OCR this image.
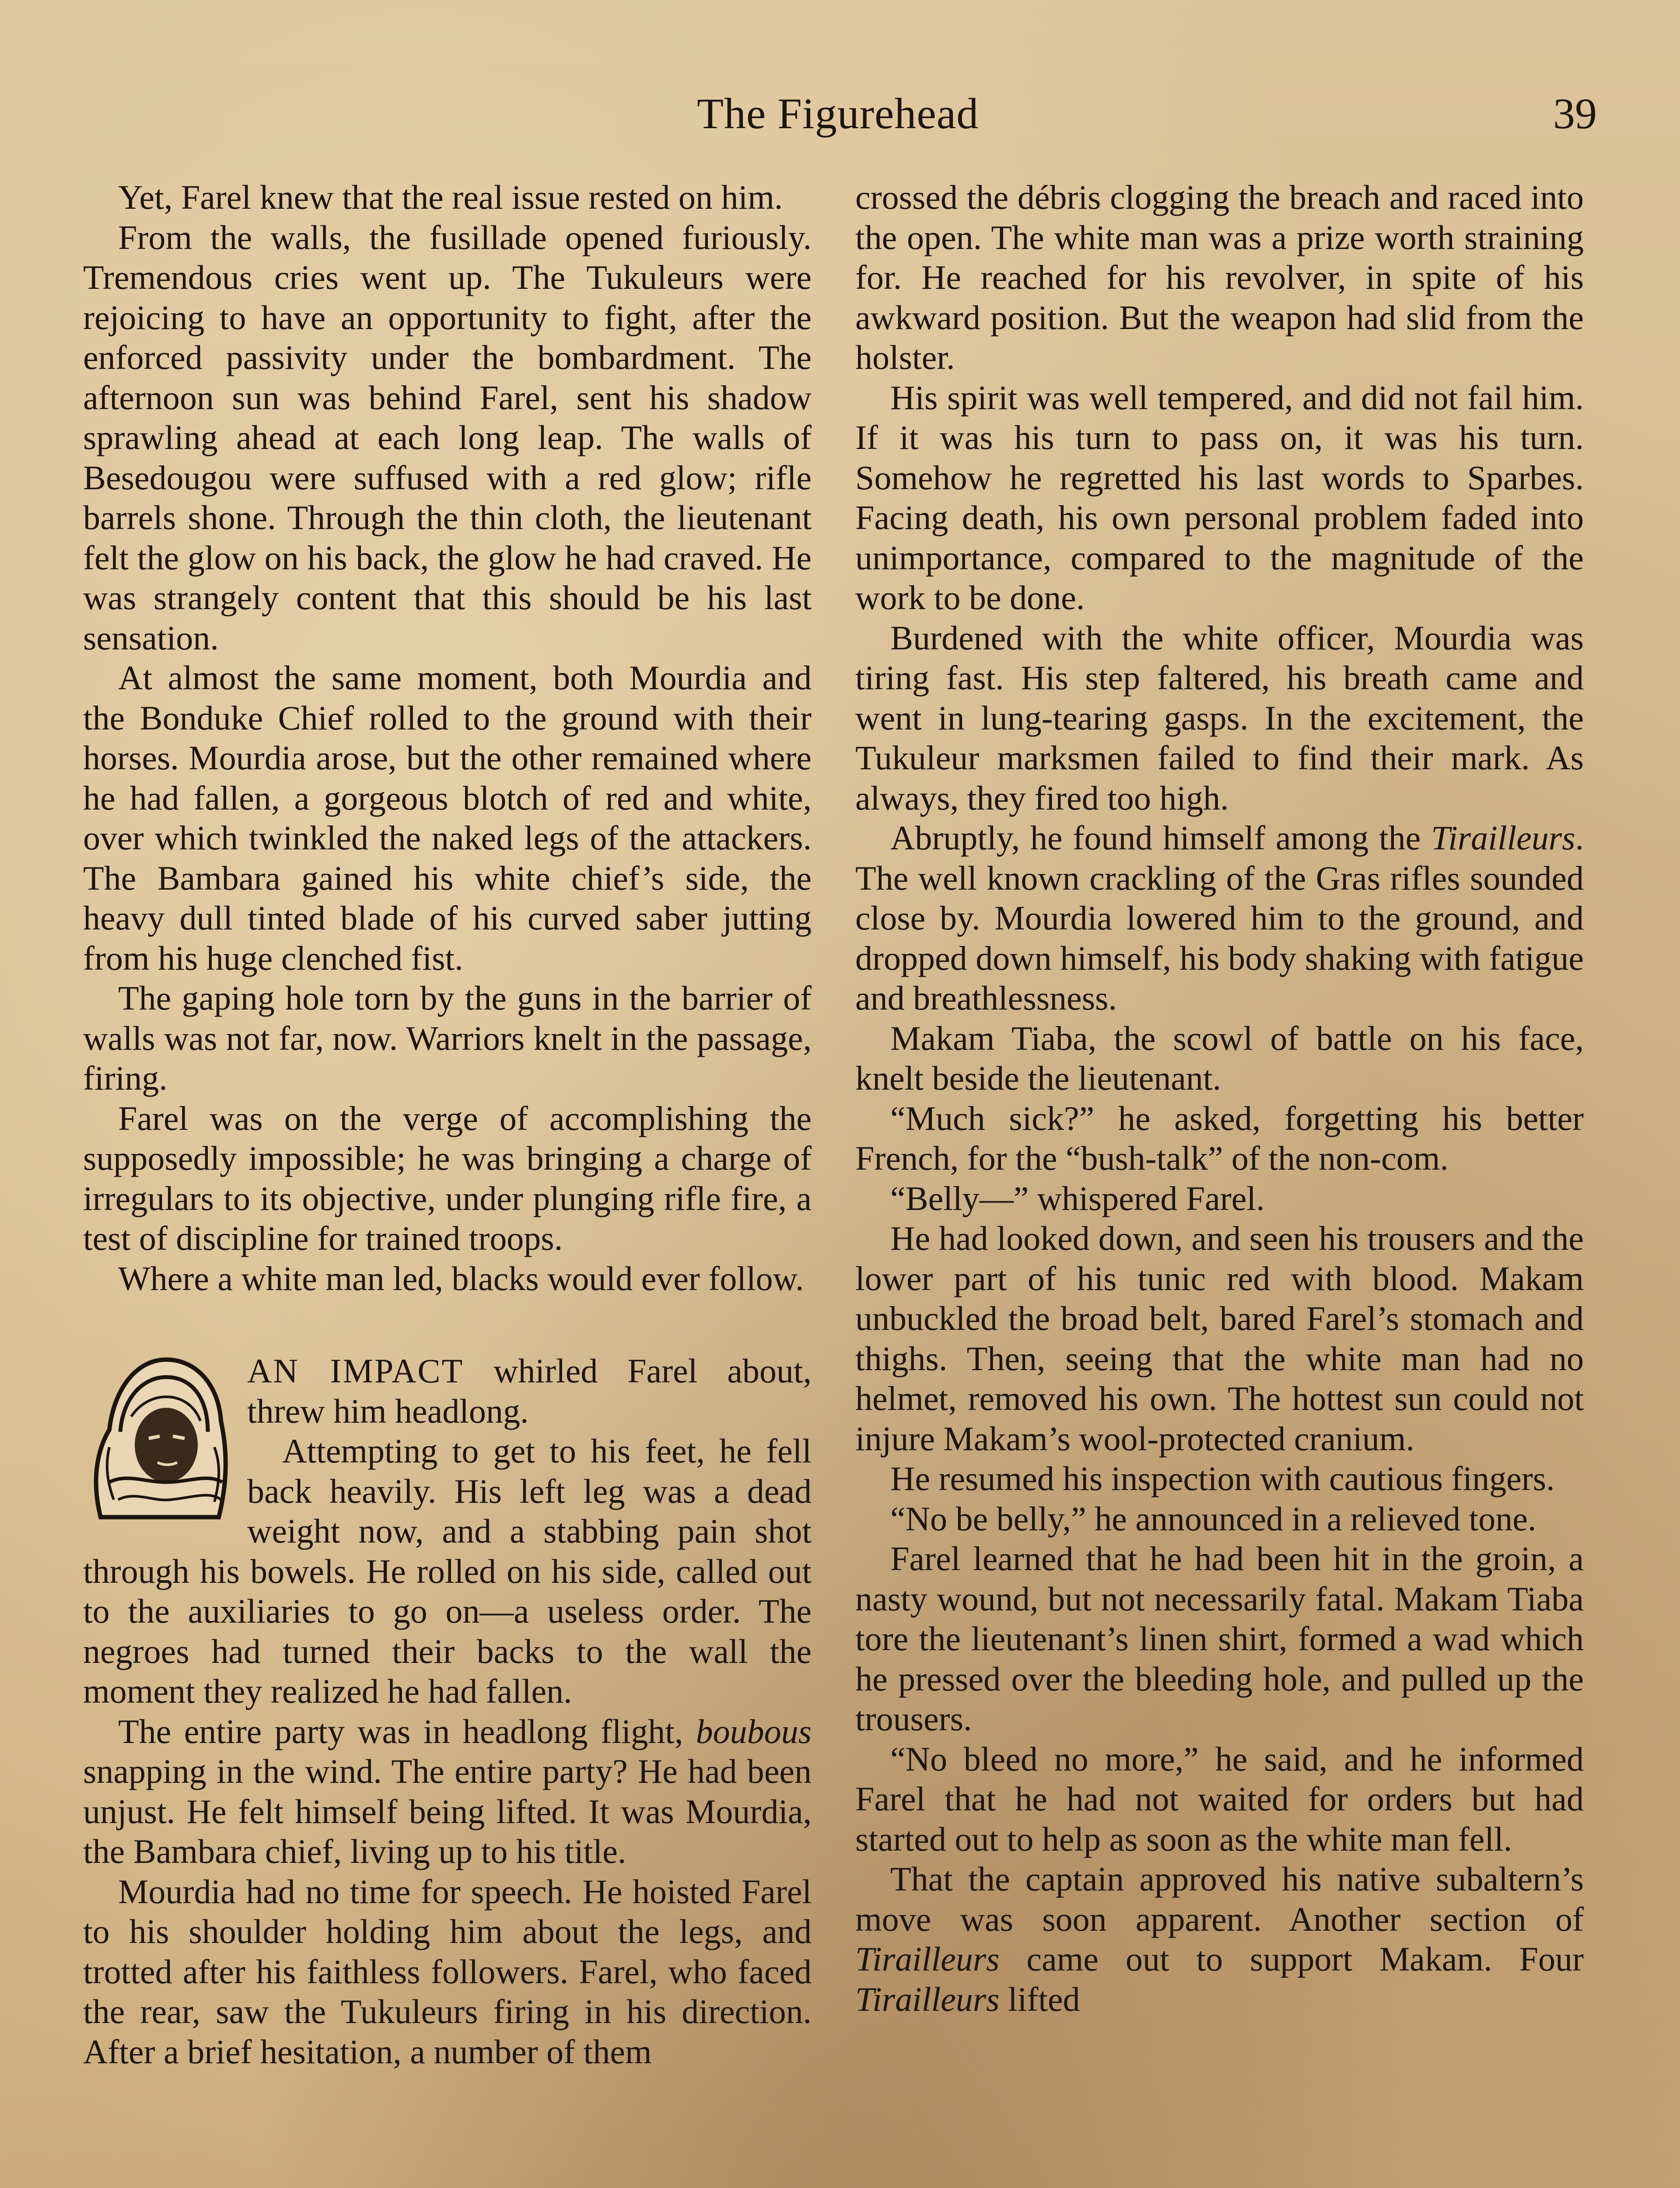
The Figurehead	39

Yet, Farel knew that the real issue rested on him.

From the walls, the fusillade opened furiously. Tremendous cries went up. The Tukuleurs were rejoicing to have an opportunity to fight, after the enforced passivity under the bombardment. The afternoon sun was behind Farel, sent his shadow sprawling ahead at each long leap. The walls of Besedougou were suffused with a red glow; rifle barrels shone. Through the thin cloth, the lieutenant felt the glow on his back, the glow he had craved. He was strangely content that this should be his last sensation.

At almost the same moment, both Mourdia and the Bonduke Chief rolled to the ground with their horses. Mourdia arose, but the other remained where he had fallen, a gorgeous blotch of red and white, over which twinkled the naked legs of the attackers. The Bambara gained his white chief’s side, the heavy dull tinted blade of his curved saber jutting from his huge clenched fist.

The gaping hole torn by the guns in the barrier of walls was not far, now. Warriors knelt in the passage, firing.

Farel was on the verge of accomplishing the supposedly impossible; he was bringing a charge of irregulars to its objective, under plunging rifle fire, a test of discipline for trained troops.

Where a white man led, blacks would ever follow.

AN IMPACT whirled Farel about, threw him headlong.

Attempting to get to his feet, he fell back heavily. His left leg was a dead weight now, and a stabbing pain shot through his bowels. He rolled on his side, called out to the auxiliaries to go on—a useless order. The negroes had turned their backs to the wall the moment they realized he had fallen.

The entire party was in headlong flight, boubous snapping in the wind. The entire party? He had been unjust. He felt himself being lifted. It was Mourdia, the Bambara chief, living up to his title.

Mourdia had no time for speech. He hoisted Farel to his shoulder holding him about the legs, and trotted after his faithless followers. Farel, who faced the rear, saw the Tukuleurs firing in his direction. After a brief hesitation, a number of them

crossed the débris clogging the breach and raced into the open. The white man was a prize worth straining for. He reached for his revolver, in spite of his awkward position. But the weapon had slid from the holster.

His spirit was well tempered, and did not fail him. If it was his turn to pass on, it was his turn. Somehow he regretted his last words to Sparbes. Facing death, his own personal problem faded into unimportance, compared to the magnitude of the work to be done.

Burdened with the white officer, Mourdia was tiring fast. His step faltered, his breath came and went in lung-tearing gasps. In the excitement, the Tukuleur marksmen failed to find their mark. As always, they fired too high.

Abruptly, he found himself among the Tirailleurs. The well known crackling of the Gras rifles sounded close by. Mourdia lowered him to the ground, and dropped down himself, his body shaking with fatigue and breathlessness.

Makam Tiaba, the scowl of battle on his face, knelt beside the lieutenant.

“Much sick?” he asked, forgetting his better French, for the “bush-talk” of the non-com.

“Belly—” whispered Farel.

He had looked down, and seen his trousers and the lower part of his tunic red with blood. Makam unbuckled the broad belt, bared Farel’s stomach and thighs. Then, seeing that the white man had no helmet, removed his own. The hottest sun could not injure Makam’s wool-protected cranium.

He resumed his inspection with cautious fingers.

“No be belly,” he announced in a relieved tone.

Farel learned that he had been hit in the groin, a nasty wound, but not necessarily fatal. Makam Tiaba tore the lieutenant’s linen shirt, formed a wad which he pressed over the bleeding hole, and pulled up the trousers.

“No bleed no more,” he said, and he informed Farel that he had not waited for orders but had started out to help as soon as the white man fell.

That the captain approved his native subaltern’s move was soon apparent. Another section of Tirailleurs came out to support Makam. Four Tirailleurs lifted
